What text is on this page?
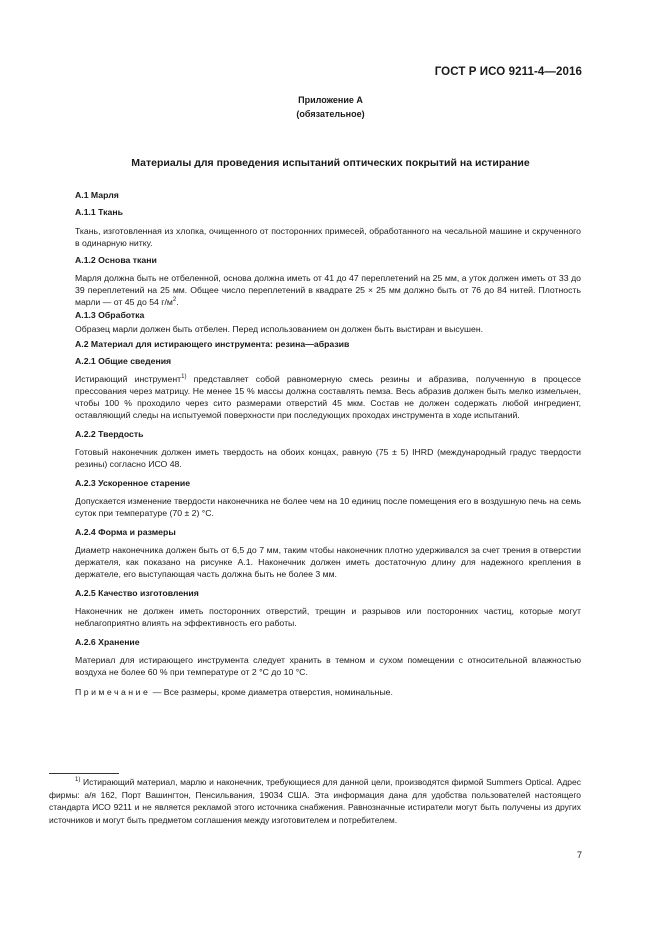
ГОСТ Р ИСО 9211-4—2016
Приложение А
(обязательное)
Материалы для проведения испытаний оптических покрытий на истирание

А.1 Марля

А.1.1 Ткань

Ткань, изготовленная из хлопка, очищенного от посторонних примесей, обработанного на чесальной машине и скрученного в одинарную нитку.

А.1.2 Основа ткани

Марля должна быть не отбеленной, основа должна иметь от 41 до 47 переплетений на 25 мм, а уток должен иметь от 33 до 39 переплетений на 25 мм. Общее число переплетений в квадрате 25 × 25 мм должно быть от 76 до 84 нитей. Плотность марли — от 45 до 54 $г/м^2$.

А.1.3 Обработка

Образец марли должен быть отбелен. Перед использованием он должен быть выстиран и высушен.

А.2 Материал для истирающего инструмента: резина—абразив

А.2.1 Общие сведения

Истирающий инструмент$^{1)}$ представляет собой равномерную смесь резины и абразива, полученную в процессе прессования через матрицу. Не менее 15 % массы должна составлять пемза. Весь абразив должен быть мелко измельчен, чтобы 100 % проходило через сито размерами отверстий 45 мкм. Состав не должен содержать любой ингредиент, оставляющий следы на испытуемой поверхности при последующих проходах инструмента в ходе испытаний.

А.2.2 Твердость

Готовый наконечник должен иметь твердость на обоих концах, равную (75 ± 5) IHRD (международный градус твердости резины) согласно ИСО 48.

А.2.3 Ускоренное старение

Допускается изменение твердости наконечника не более чем на 10 единиц после помещения его в воздушную печь на семь суток при температуре (70 ± 2) °C.

А.2.4 Форма и размеры

Диаметр наконечника должен быть от 6,5 до 7 мм, таким чтобы наконечник плотно удерживался за счет трения в отверстии держателя, как показано на рисунке А.1. Наконечник должен иметь достаточную длину для надежного крепления в держателе, его выступающая часть должна быть не более 3 мм.

А.2.5 Качество изготовления

Наконечник не должен иметь посторонних отверстий, трещин и разрывов или посторонних частиц, которые могут неблагоприятно влиять на эффективность его работы.

А.2.6 Хранение

Материал для истирающего инструмента следует хранить в темном и сухом помещении с относительной влажностью воздуха не более 60 % при температуре от 2 °C до 10 °C.

Примечание — Все размеры, кроме диаметра отверстия, номинальные.

$^{1)}$ Истирающий материал, марлю и наконечник, требующиеся для данной цели, производятся фирмой Summers Optical. Адрес фирмы: а/я 162, Порт Вашингтон, Пенсильвания, 19034 США. Эта информация дана для удобства пользователей настоящего стандарта ИСО 9211 и не является рекламой этого источника снабжения. Равнозначные истиратели могут быть получены из других источников и могут быть предметом соглашения между изготовителем и потребителем.
7
